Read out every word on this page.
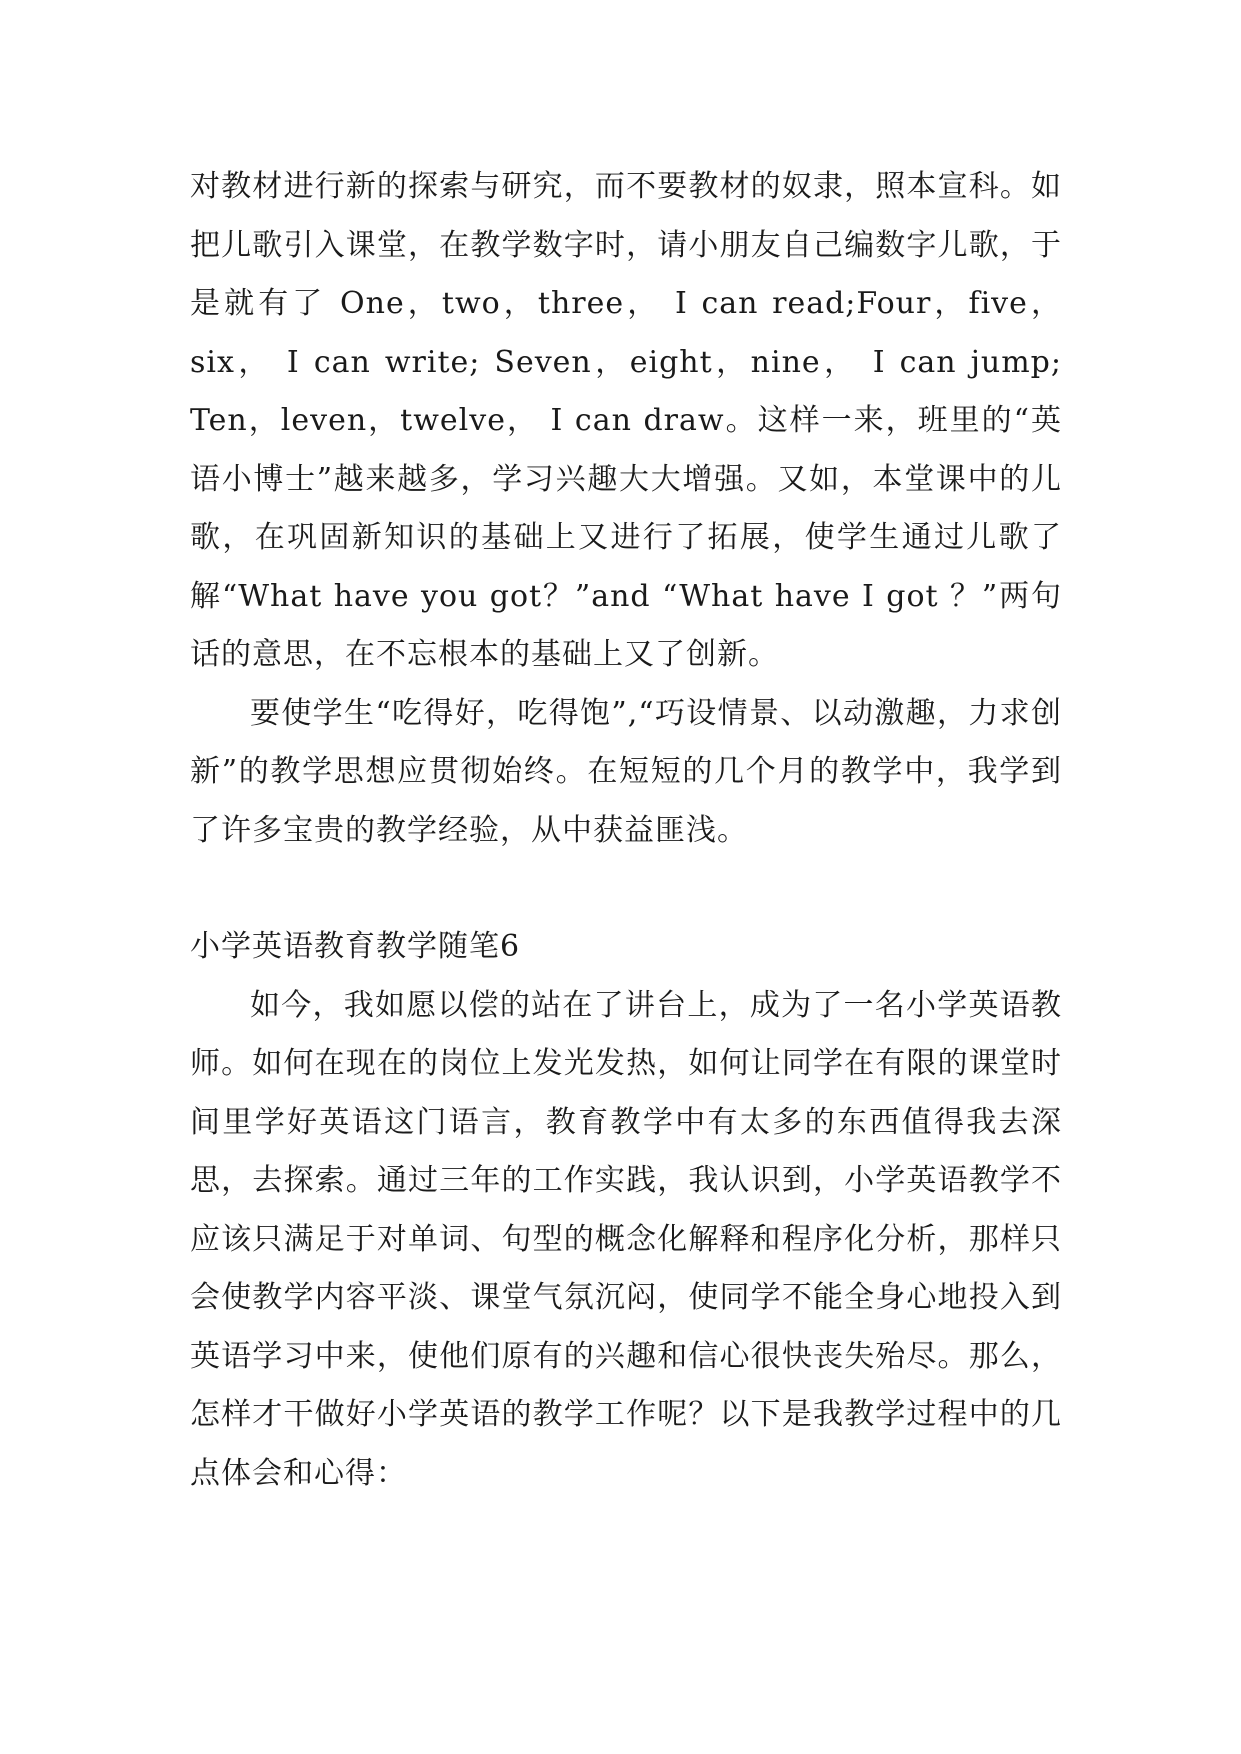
对教材进行新的探索与研究，而不要教材的奴隶，照本宣科。如把儿歌引入课堂，在教学数字时，请小朋友自己编数字儿歌，于是就有了 One，two，three， I can read;Four，five，six， I can write; Seven，eight，nine， I can jump; Ten，leven，twelve， I can draw。这样一来，班里的“英语小博士”越来越多，学习兴趣大大增强。又如，本堂课中的儿歌，在巩固新知识的基础上又进行了拓展，使学生通过儿歌了解“What have you got？”and “What have I got ？”两句话的意思，在不忘根本的基础上又了创新。

要使学生“吃得好，吃得饱”,“巧设情景、以动激趣，力求创新”的教学思想应贯彻始终。在短短的几个月的教学中，我学到了许多宝贵的教学经验，从中获益匪浅。

小学英语教育教学随笔6

如今，我如愿以偿的站在了讲台上，成为了一名小学英语教师。如何在现在的岗位上发光发热，如何让同学在有限的课堂时间里学好英语这门语言，教育教学中有太多的东西值得我去深思，去探索。通过三年的工作实践，我认识到，小学英语教学不应该只满足于对单词、句型的概念化解释和程序化分析，那样只会使教学内容平淡、课堂气氛沉闷，使同学不能全身心地投入到英语学习中来，使他们原有的兴趣和信心很快丧失殆尽。那么，怎样才干做好小学英语的教学工作呢？以下是我教学过程中的几点体会和心得：
